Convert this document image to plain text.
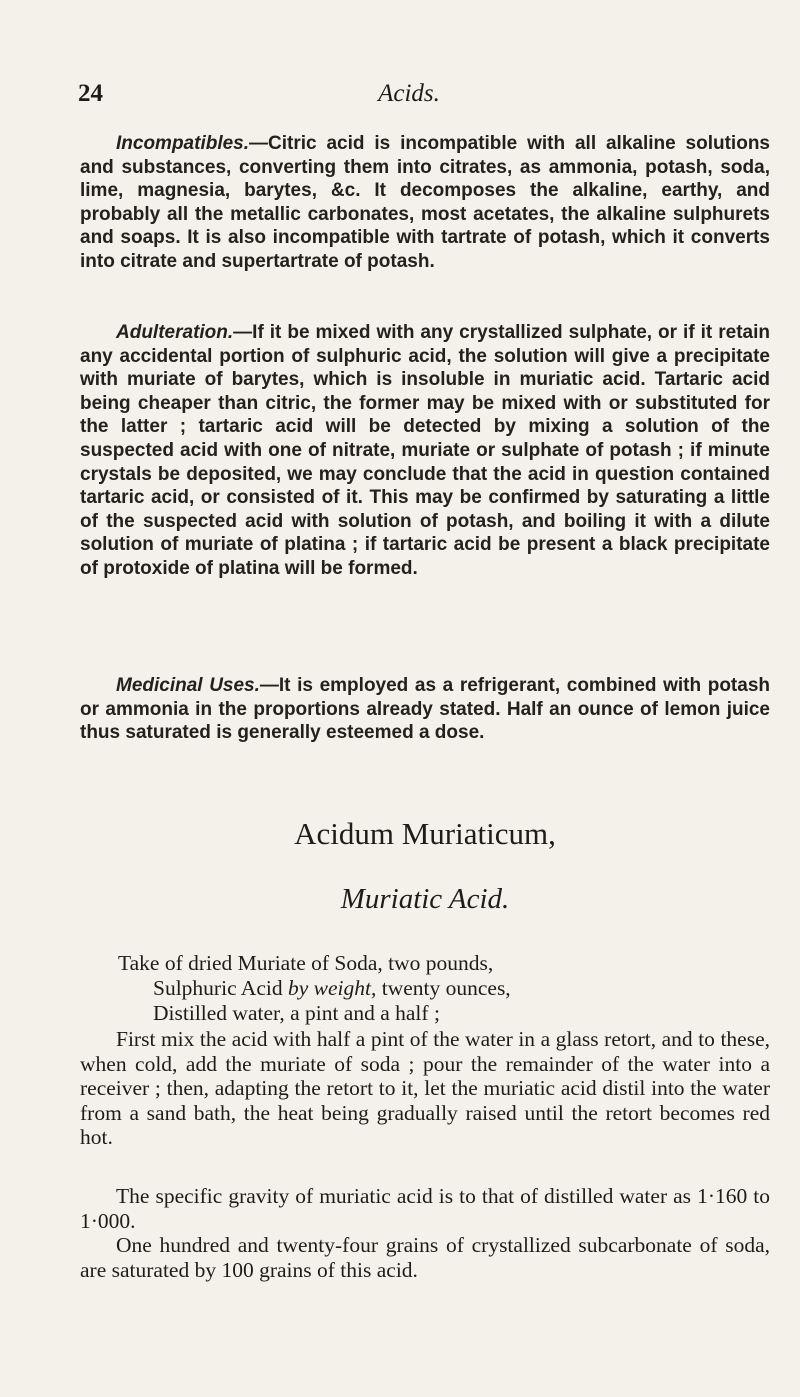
24	Acids.

Incompatibles.—Citric acid is incompatible with all alkaline solutions and substances, converting them into citrates, as ammonia, potash, soda, lime, magnesia, barytes, &c. It decomposes the alkaline, earthy, and probably all the metallic carbonates, most acetates, the alkaline sulphurets and soaps. It is also incompatible with tartrate of potash, which it converts into citrate and supertartrate of potash.

Adulteration.—If it be mixed with any crystallized sulphate, or if it retain any accidental portion of sulphuric acid, the solution will give a precipitate with muriate of barytes, which is insoluble in muriatic acid. Tartaric acid being cheaper than citric, the former may be mixed with or substituted for the latter ; tartaric acid will be detected by mixing a solution of the suspected acid with one of nitrate, muriate or sulphate of potash ; if minute crystals be deposited, we may conclude that the acid in question contained tartaric acid, or consisted of it. This may be confirmed by saturating a little of the suspected acid with solution of potash, and boiling it with a dilute solution of muriate of platina ; if tartaric acid be present a black precipitate of protoxide of platina will be formed.

Medicinal Uses.—It is employed as a refrigerant, combined with potash or ammonia in the proportions already stated. Half an ounce of lemon juice thus saturated is generally esteemed a dose.

Acidum Muriaticum,
Muriatic Acid.
Take of dried Muriate of Soda, two pounds,
Sulphuric Acid by weight, twenty ounces,
Distilled water, a pint and a half ;

First mix the acid with half a pint of the water in a glass retort, and to these, when cold, add the muriate of soda ; pour the remainder of the water into a receiver ; then, adapting the retort to it, let the muriatic acid distil into the water from a sand bath, the heat being gradually raised until the retort becomes red hot.

The specific gravity of muriatic acid is to that of distilled water as 1·160 to 1·000.

One hundred and twenty-four grains of crystallized subcarbonate of soda, are saturated by 100 grains of this acid.
